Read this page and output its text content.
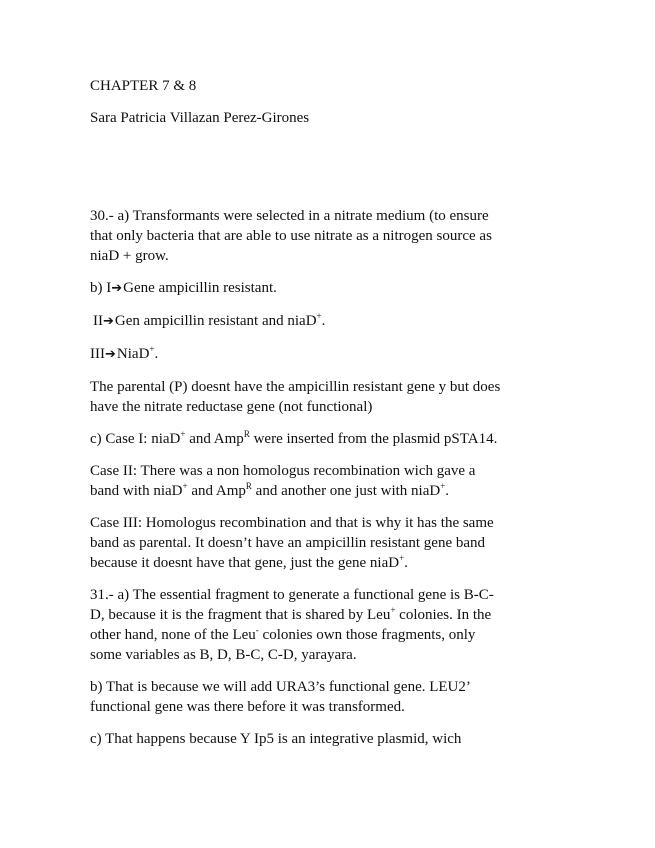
CHAPTER 7 & 8

Sara Patricia Villazan Perez-Girones

30.- a) Transformants were selected in a nitrate medium (to ensure
that only bacteria that are able to use nitrate as a nitrogen source as
niaD + grow.

b) I➔Gene ampicillin resistant.

II➔Gen ampicillin resistant and niaD+.

III➔NiaD+.

The parental (P) doesnt have the ampicillin resistant gene y but does
have the nitrate reductase gene (not functional)

c) Case I: niaD+ and Amp$^R$ were inserted from the plasmid pSTA14.

Case II: There was a non homologus recombination wich gave a
band with niaD+ and Amp$^R$ and another one just with niaD+.

Case III: Homologus recombination and that is why it has the same
band as parental. It doesn’t have an ampicillin resistant gene band
because it doesnt have that gene, just the gene niaD+.

31.- a) The essential fragment to generate a functional gene is B-C-
D, because it is the fragment that is shared by Leu+ colonies. In the
other hand, none of the Leu- colonies own those fragments, only
some variables as B, D, B-C, C-D, yarayara.

b) That is because we will add URA3’s functional gene. LEU2’
functional gene was there before it was transformed.

c) That happens because Y Ip5 is an integrative plasmid, wich
